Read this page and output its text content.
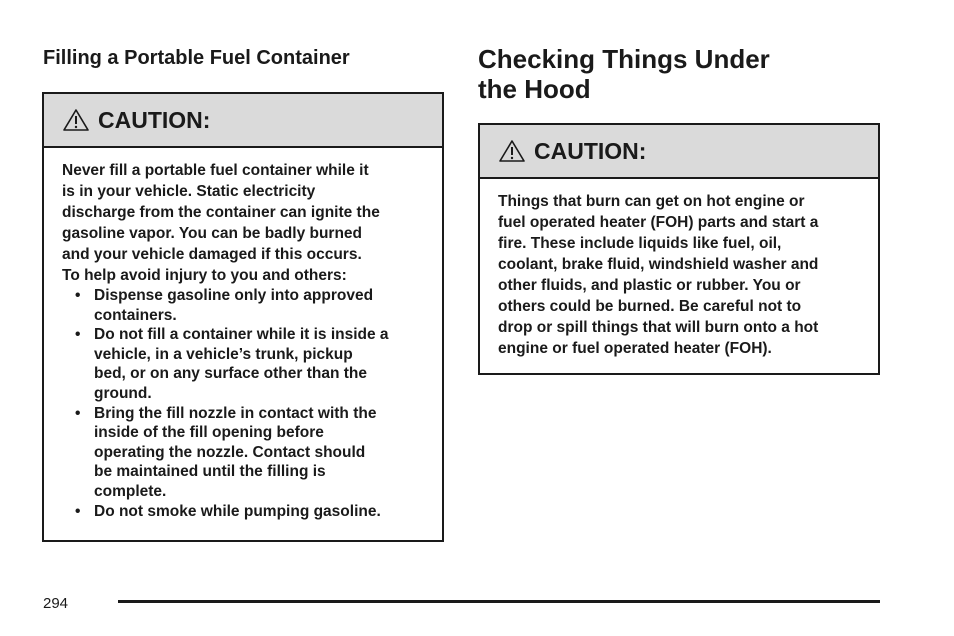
Filling a Portable Fuel Container
CAUTION:

Never fill a portable fuel container while it
is in your vehicle. Static electricity
discharge from the container can ignite the
gasoline vapor. You can be badly burned
and your vehicle damaged if this occurs.
To help avoid injury to you and others:

• Dispense gasoline only into approved
containers.
• Do not fill a container while it is inside a
vehicle, in a vehicle’s trunk, pickup
bed, or on any surface other than the
ground.
• Bring the fill nozzle in contact with the
inside of the fill opening before
operating the nozzle. Contact should
be maintained until the filling is
complete.
• Do not smoke while pumping gasoline.
Checking Things Under
the Hood
CAUTION:

Things that burn can get on hot engine or
fuel operated heater (FOH) parts and start a
fire. These include liquids like fuel, oil,
coolant, brake fluid, windshield washer and
other fluids, and plastic or rubber. You or
others could be burned. Be careful not to
drop or spill things that will burn onto a hot
engine or fuel operated heater (FOH).

294
